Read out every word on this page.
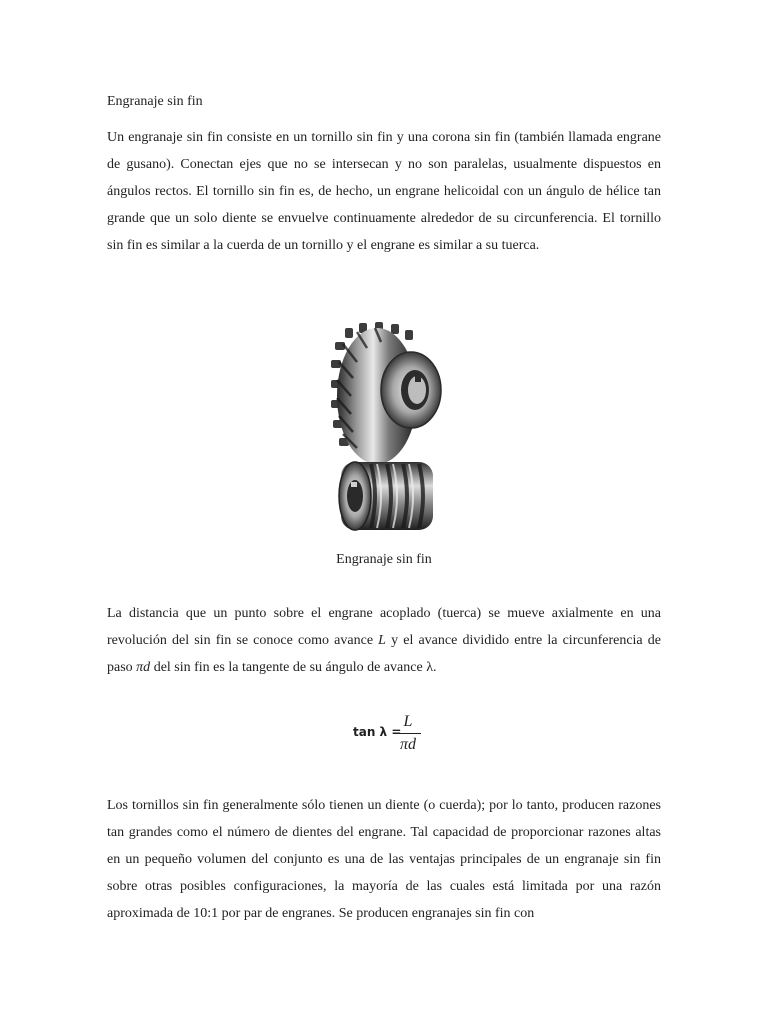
Engranaje sin fin

Un engranaje sin fin consiste en un tornillo sin fin y una corona sin fin (también llamada engrane de gusano). Conectan ejes que no se intersecan y no son paralelas, usualmente dispuestos en ángulos rectos. El tornillo sin fin es, de hecho, un engrane helicoidal con un ángulo de hélice tan grande que un solo diente se envuelve continuamente alrededor de su circunferencia. El tornillo sin fin es similar a la cuerda de un tornillo y el engrane es similar a su tuerca.

Engranaje sin fin

La distancia que un punto sobre el engrane acoplado (tuerca) se mueve axialmente en una revolución del sin fin se conoce como avance L y el avance dividido entre la circunferencia de paso πd del sin fin es la tangente de su ángulo de avance λ.

tan λ =
L
πd

Los tornillos sin fin generalmente sólo tienen un diente (o cuerda); por lo tanto, producen razones tan grandes como el número de dientes del engrane. Tal capacidad de proporcionar razones altas en un pequeño volumen del conjunto es una de las ventajas principales de un engranaje sin fin sobre otras posibles configuraciones, la mayoría de las cuales está limitada por una razón aproximada de 10:1 por par de engranes. Se producen engranajes sin fin con
